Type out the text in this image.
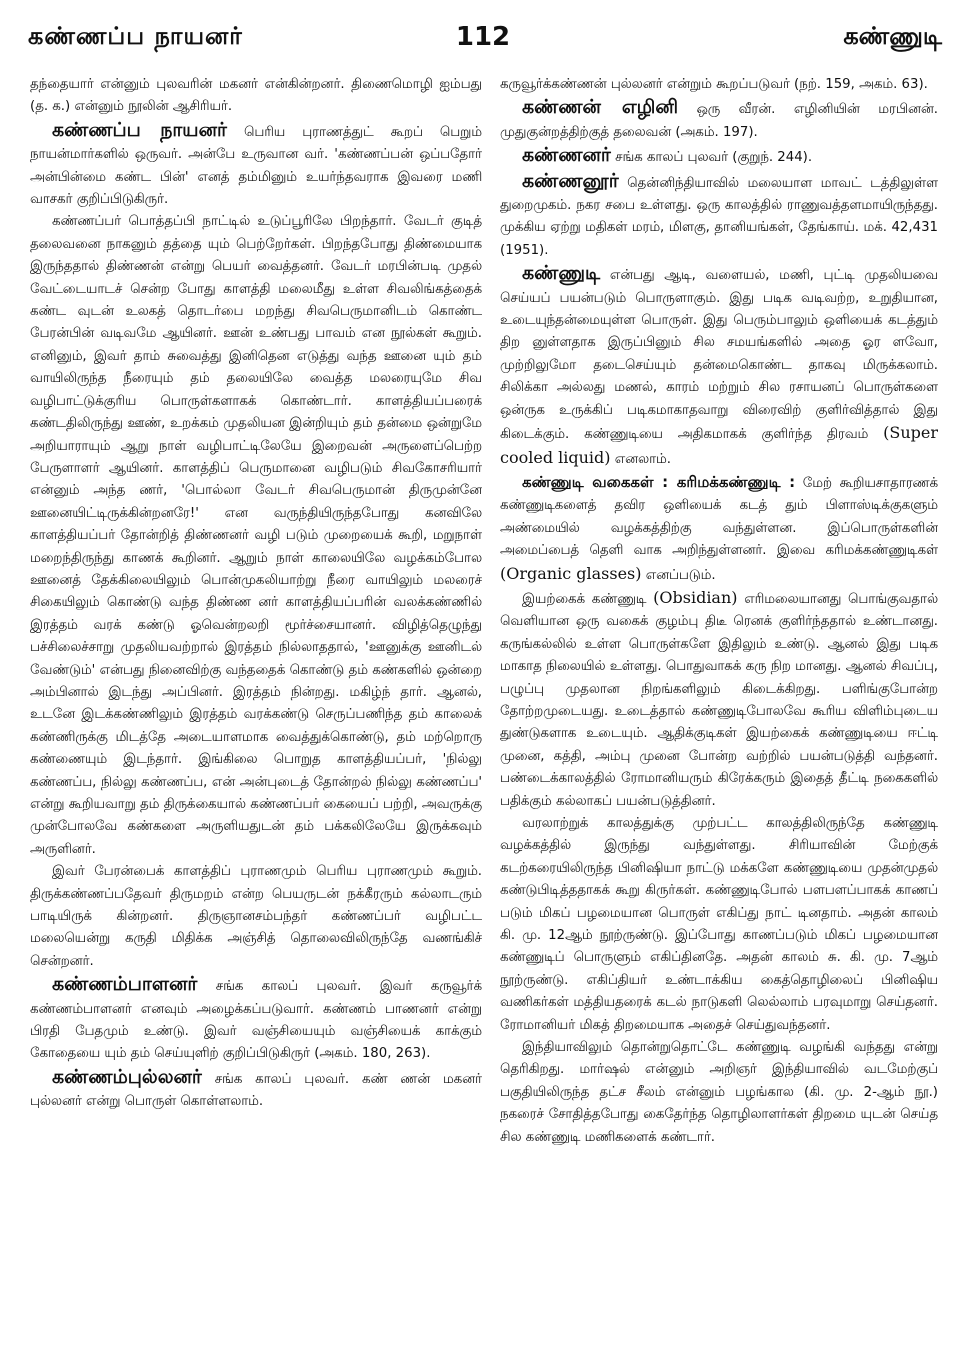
கண்ணப்ப நாயனர்	112	கண்ணுடி

தந்தையார் என்னும் புலவரின் மகனர் என்கின்றனர். திணைமொழி ஐம்பது (த. க.) என்னும் நூலின் ஆசிரியர்.

கண்ணப்ப நாயனர் பெரிய புராணத்துட் கூறப் பெறும் நாயன்மார்களில் ஒருவர். அன்பே உருவான வர். 'கண்ணப்பன் ஒப்பதோர் அன்பின்மை கண்ட பின்' எனத் தம்மினும் உயர்ந்தவராக இவரை மணி வாசகர் குறிப்பிடுகிருர்.

கண்ணப்பர் பொத்தப்பி நாட்டில் உடுப்பூரிலே பிறந்தார். வேடர் குடித் தலைவனை நாகனும் தத்தை யும் பெற்றேர்கள். பிறந்தபோது திண்மையாக இருந்ததால் திண்ணன் என்று பெயர் வைத்தனர். வேடர் மரபின்படி முதல் வேட்டையாடச் சென்ற போது காளத்தி மலைமீது உள்ள சிவலிங்கத்தைக் கண்ட வுடன் உலகத் தொடர்பை மறந்து சிவபெருமானிடம் கொண்ட பேரன்பின் வடிவமே ஆயினர். ஊன் உண்பது பாவம் என நூல்கள் கூறும். எனினும், இவர் தாம் சுவைத்து இனிதென எடுத்து வந்த ஊனை யும் தம் வாயிலிருந்த நீரையும் தம் தலையிலே வைத்த மலரையுமே சிவ வழிபாட்டுக்குரிய பொருள்களாகக் கொண்டார். காளத்தியப்பரைக் கண்டதிலிருந்து ஊண், உறக்கம் முதலியன இன்றியும் தம் தன்மை ஒன்றுமே அறியாராயும் ஆறு நாள் வழிபாட்டிலேயே இறைவன் அருளைப்பெற்ற பேருளாளர் ஆயினர். காளத்திப் பெருமானை வழிபடும் சிவகோசரியார் என்னும் அந்த ணர், 'பொல்லா வேடர் சிவபெருமான் திருமுன்னே ஊனையிட்டிருக்கின்றனரே!' என வருந்தியிருந்தபோது கனவிலே காளத்தியப்பர் தோன்றித் திண்ணனர் வழி படும் முறையைக் கூறி, மறுநாள் மறைந்திருந்து காணக் கூறினர். ஆறும் நாள் காலையிலே வழக்கம்போல ஊனைத் தேக்கிலையிலும் பொன்முகலியாற்று நீரை வாயிலும் மலரைச் சிகையிலும் கொண்டு வந்த திண்ண னர் காளத்தியப்பரின் வலக்கண்ணில் இரத்தம் வரக் கண்டு ஓவென்றலறி மூர்ச்சையானர். விழித்தெழுந்து பச்சிலைச்சாறு முதலியவற்றால் இரத்தம் நில்லாததால், 'ஊனுக்கு ஊனிடல் வேண்டும்' என்பது நினைவிற்கு வந்ததைக் கொண்டு தம் கண்களில் ஒன்றை அம்பினால் இடந்து அப்பினர். இரத்தம் நின்றது. மகிழ்ந் தார். ஆனல், உடனே இடக்கண்ணிலும் இரத்தம் வரக்கண்டு செருப்பணிந்த தம் காலைக் கண்ணிருக்கு மிடத்தே அடையாளமாக வைத்துக்கொண்டு, தம் மற்றொரு கண்ணையும் இடந்தார். இங்கிலை பொறுத காளத்தியப்பர், 'நில்லு கண்ணப்ப, நில்லு கண்ணப்ப, என் அன்புடைத் தோன்றல் நில்லு கண்ணப்ப' என்று கூறியவாறு தம் திருக்கையால் கண்ணப்பர் கையைப் பற்றி, அவருக்கு முன்போலவே கண்களை அருளியதுடன் தம் பக்கலிலேயே இருக்கவும் அருளினர்.

இவர் பேரன்பைக் காளத்திப் புராணமும் பெரிய புராணமும் கூறும். திருக்கண்ணப்பதேவர் திருமறம் என்ற பெயருடன் நக்கீரரும் கல்லாடரும் பாடியிருக் கின்றனர். திருஞானசம்பந்தர் கண்ணப்பர் வழிபட்ட மலையென்று கருதி மிதிக்க அஞ்சித் தொலைவிலிருந்தே வணங்கிச் சென்றனர்.

கண்ணம்பாளனர் சங்க காலப் புலவர். இவர் கருவூர்க் கண்ணம்பாளனர் எனவும் அழைக்கப்படுவார். கண்ணம் பாணனர் என்று பிரதி பேதமும் உண்டு. இவர் வஞ்சியையும் வஞ்சியைக் காக்கும் கோதையை யும் தம் செய்யுளிற் குறிப்பிடுகிருர் (அகம். 180, 263).

கண்ணம்புல்லனர் சங்க காலப் புலவர். கண் ணன் மகனர் புல்லனர் என்று பொருள் கொள்ளலாம்.

கருவூர்க்கண்ணன் புல்லனர் என்றும் கூறப்படுவர் (நற். 159, அகம். 63).

கண்ணன் எழினி ஒரு வீரன். எழினியின் மரபினன். முதுகுன்றத்திற்குத் தலைவன் (அகம். 197).

கண்ணனர் சங்க காலப் புலவர் (குறுந். 244).

கண்ணனூர் தென்னிந்தியாவில் மலையாள மாவட் டத்திலுள்ள துறைமுகம். நகர சபை உள்ளது. ஒரு காலத்தில் ராணுவத்தளமாயிருந்தது. முக்கிய ஏற்று மதிகள் மரம், மிளகு, தானியங்கள், தேங்காய். மக். 42,431 (1951).

கண்ணுடி என்பது ஆடி, வளையல், மணி, புட்டி முதலியவை செய்யப் பயன்படும் பொருளாகும். இது படிக வடிவற்ற, உறுதியான, உடையுந்தன்மையுள்ள பொருள். இது பெரும்பாலும் ஒளியைக் கடத்தும் திற னுள்ளதாக இருப்பினும் சில சமயங்களில் அதை ஓர ளவோ, முற்றிலுமோ தடைசெய்யும் தன்மைகொண்ட தாகவு மிருக்கலாம். சிலிக்கா அல்லது மணல், காரம் மற்றும் சில ரசாயனப் பொருள்களை ஒன்ருக உருக்கிப் படிகமாகாதவாறு விரைவிற் குளிர்வித்தால் இது கிடைக்கும். கண்ணுடியை அதிகமாகக் குளிர்ந்த திரவம் (Super cooled liquid) எனலாம்.

கண்ணுடி வகைகள் : கரிமக்கண்ணுடி : மேற் கூறியசாதாரணக் கண்ணுடிகளைத் தவிர ஒளியைக் கடத் தும் பிளாஸ்டிக்குகளும் அண்மையில் வழக்கத்திற்கு வந்துள்ளன. இப்பொருள்களின் அமைப்பைத் தெளி வாக அறிந்துள்ளனர். இவை கரிமக்கண்ணுடிகள் (Organic glasses) எனப்படும்.

இயற்கைக் கண்ணுடி (Obsidian) எரிமலையானது பொங்குவதால் வெளியான ஒரு வகைக் குழம்பு திடீ ரெனக் குளிர்ந்ததால் உண்டானது. கருங்கல்லில் உள்ள பொருள்களே இதிலும் உண்டு. ஆனல் இது படிக மாகாத நிலையில் உள்ளது. பொதுவாகக் கரு நிற மானது. ஆனல் சிவப்பு, பழுப்பு முதலான நிறங்களிலும் கிடைக்கிறது. பளிங்குபோன்ற தோற்றமுடையது. உடைத்தால் கண்ணுடிபோலவே கூரிய விளிம்புடைய துண்டுகளாக உடையும். ஆதிக்குடிகள் இயற்கைக் கண்ணுடியை ஈட்டி முனை, கத்தி, அம்பு முனை போன்ற வற்றில் பயன்படுத்தி வந்தனர். பண்டைக்காலத்தில் ரோமானியரும் கிரேக்கரும் இதைத் தீட்டி நகைகளில் பதிக்கும் கல்லாகப் பயன்படுத்தினர்.

வரலாற்றுக் காலத்துக்கு முற்பட்ட காலத்திலிருந்தே கண்ணுடி வழக்கத்தில் இருந்து வந்துள்ளது. சிரியாவின் மேற்குக் கடற்கரையிலிருந்த பினிஷியா நாட்டு மக்களே கண்ணுடியை முதன்முதல் கண்டுபிடித்ததாகக் கூறு கிருர்கள். கண்ணுடிபோல் பளபளப்பாகக் காணப் படும் மிகப் பழமையான பொருள் எகிப்து நாட் டினதாம். அதன் காலம் கி. மு. 12ஆம் நூற்ருண்டு. இப்போது காணப்படும் மிகப் பழமையான கண்ணுடிப் பொருளும் எகிப்தினதே. அதன் காலம் சு. கி. மு. 7ஆம் நூற்ருண்டு. எகிப்தியர் உண்டாக்கிய கைத்தொழிலைப் பினிஷிய வணிகர்கள் மத்தியதரைக் கடல் நாடுகளி லெல்லாம் பரவுமாறு செய்தனர். ரோமானியர் மிகத் திறமையாக அதைச் செய்துவந்தனர்.

இந்தியாவிலும் தொன்றுதொட்டே கண்ணுடி வழங்கி வந்தது என்று தெரிகிறது. மார்ஷல் என்னும் அறிஞர் இந்தியாவில் வடமேற்குப் பகுதியிலிருந்த தட்ச சீலம் என்னும் பழங்கால (கி. மு. 2-ஆம் நூ.) நகரைச் சோதித்தபோது கைதேர்ந்த தொழிலாளர்கள் திறமை யுடன் செய்த சில கண்ணுடி மணிகளைக் கண்டார்.
